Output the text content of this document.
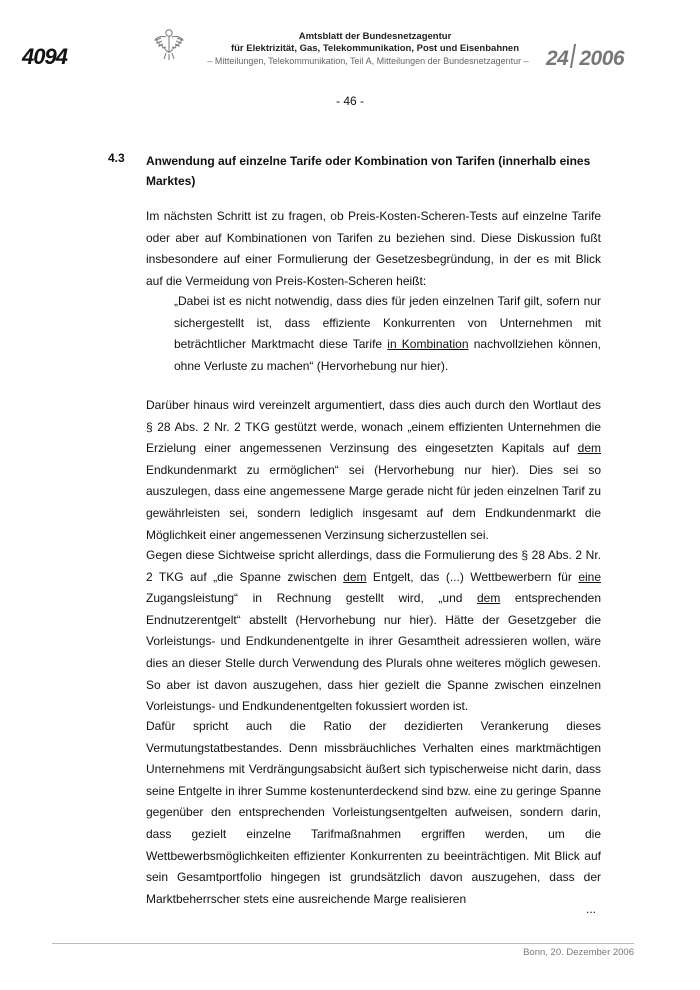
4094
Amtsblatt der Bundesnetzagentur
für Elektrizität, Gas, Telekommunikation, Post und Eisenbahnen
– Mitteilungen, Telekommunikation, Teil A, Mitteilungen der Bundesnetzagentur – 24 2006
- 46 -
4.3 Anwendung auf einzelne Tarife oder Kombination von Tarifen (innerhalb eines Marktes)
Im nächsten Schritt ist zu fragen, ob Preis-Kosten-Scheren-Tests auf einzelne Tarife oder aber auf Kombinationen von Tarifen zu beziehen sind. Diese Diskussion fußt insbesondere auf einer Formulierung der Gesetzesbegründung, in der es mit Blick auf die Vermeidung von Preis-Kosten-Scheren heißt:
„Dabei ist es nicht notwendig, dass dies für jeden einzelnen Tarif gilt, sofern nur sichergestellt ist, dass effiziente Konkurrenten von Unternehmen mit beträchtlicher Marktmacht diese Tarife in Kombination nachvollziehen können, ohne Verluste zu machen“ (Hervorhebung nur hier).
Darüber hinaus wird vereinzelt argumentiert, dass dies auch durch den Wortlaut des § 28 Abs. 2 Nr. 2 TKG gestützt werde, wonach „einem effizienten Unternehmen die Erzielung einer angemessenen Verzinsung des eingesetzten Kapitals auf dem Endkundenmarkt zu ermöglichen“ sei (Hervorhebung nur hier). Dies sei so auszulegen, dass eine angemessene Marge gerade nicht für jeden einzelnen Tarif zu gewährleisten sei, sondern lediglich insgesamt auf dem Endkundenmarkt die Möglichkeit einer angemessenen Verzinsung sicherzustellen sei.
Gegen diese Sichtweise spricht allerdings, dass die Formulierung des § 28 Abs. 2 Nr. 2 TKG auf „die Spanne zwischen dem Entgelt, das (...) Wettbewerbern für eine Zugangsleistung“ in Rechnung gestellt wird, „und dem entsprechenden Endnutzerentgelt“ abstellt (Hervorhebung nur hier). Hätte der Gesetzgeber die Vorleistungs- und Endkundenentgelte in ihrer Gesamtheit adressieren wollen, wäre dies an dieser Stelle durch Verwendung des Plurals ohne weiteres möglich gewesen. So aber ist davon auszugehen, dass hier gezielt die Spanne zwischen einzelnen Vorleistungs- und Endkundenentgelten fokussiert worden ist.
Dafür spricht auch die Ratio der dezidierten Verankerung dieses Vermutungstatbestandes. Denn missbräuchliches Verhalten eines marktmächtigen Unternehmens mit Verdrängungsabsicht äußert sich typischerweise nicht darin, dass seine Entgelte in ihrer Summe kostenunterdeckend sind bzw. eine zu geringe Spanne gegenüber den entsprechenden Vorleistungsentgelten aufweisen, sondern darin, dass gezielt einzelne Tarifmaßnahmen ergriffen werden, um die Wettbewerbsmöglichkeiten effizienter Konkurrenten zu beeinträchtigen. Mit Blick auf sein Gesamtportfolio hingegen ist grundsätzlich davon auszugehen, dass der Marktbeherrscher stets eine ausreichende Marge realisieren
...
Bonn, 20. Dezember 2006
